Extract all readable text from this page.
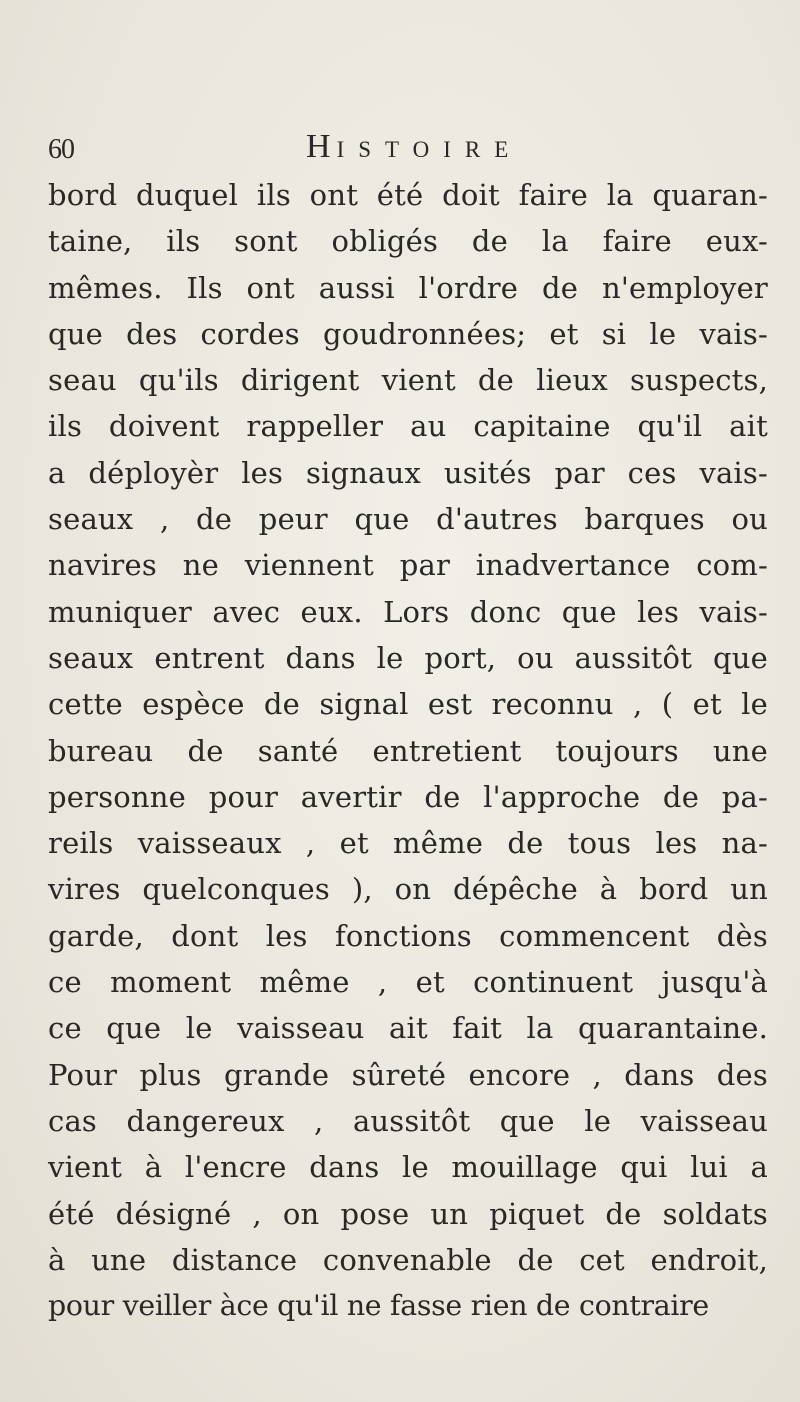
60	HISTOIRE
bord duquel ils ont été doit faire la quaran-
taine, ils sont obligés de la faire eux-
mêmes. Ils ont aussi l'ordre de n'employer
que des cordes goudronnées; et si le vais-
seau qu'ils dirigent vient de lieux suspects,
ils doivent rappeller au capitaine qu'il ait
a déployèr les signaux usités par ces vais-
seaux , de peur que d'autres barques ou
navires ne viennent par inadvertance com-
muniquer avec eux. Lors donc que les vais-
seaux entrent dans le port, ou aussitôt que
cette espèce de signal est reconnu , ( et le
bureau de santé entretient toujours une
personne pour avertir de l'approche de pa-
reils vaisseaux , et même de tous les na-
vires quelconques ), on dépêche à bord un
garde, dont les fonctions commencent dès
ce moment même , et continuent jusqu'à
ce que le vaisseau ait fait la quarantaine.
Pour plus grande sûreté encore , dans des
cas dangereux , aussitôt que le vaisseau
vient à l'encre dans le mouillage qui lui a
été désigné , on pose un piquet de soldats
à une distance convenable de cet endroit,
pour veiller àce qu'il ne fasse rien de contraire
